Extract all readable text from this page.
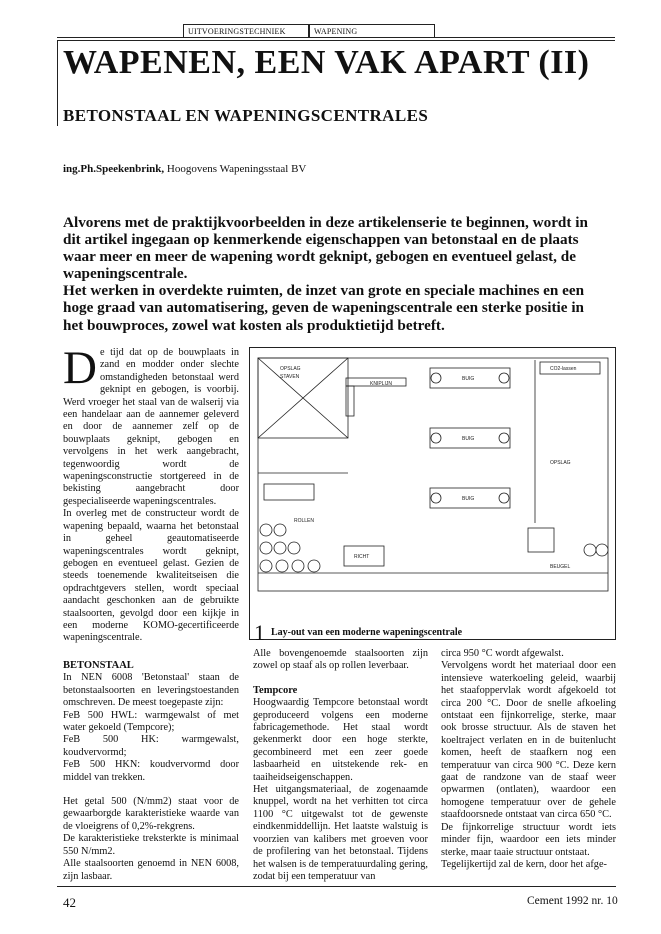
UITVOERINGSTECHNIEK	WAPENING
WAPENEN, EEN VAK APART (II)
BETONSTAAL EN WAPENINGSCENTRALES
ing.Ph.Speekenbrink, Hoogovens Wapeningsstaal BV

Alvorens met de praktijkvoorbeelden in deze artikelenserie te beginnen, wordt in dit artikel ingegaan op kenmerkende eigenschappen van betonstaal en de plaats waar meer en meer de wapening wordt geknipt, gebogen en eventueel gelast, de wapeningscentrale.

Het werken in overdekte ruimten, de inzet van grote en speciale machines en een hoge graad van automatisering, geven de wapeningscentrale een sterke positie in het bouwproces, zowel wat kosten als produktietijd betreft.

De tijd dat op de bouwplaats in zand en modder onder slechte omstandigheden betonstaal werd geknipt en gebogen, is voorbij. Werd vroeger het staal van de walserij via een handelaar aan de aannemer geleverd en door de aannemer zelf op de bouwplaats geknipt, gebogen en vervolgens in het werk aangebracht, tegenwoordig wordt de wapeningsconstructie stortgereed in de bekisting aangebracht door gespecialiseerde wapeningscentrales.
In overleg met de constructeur wordt de wapening bepaald, waarna het betonstaal in geheel geautomatiseerde wapeningscentrales wordt geknipt, gebogen en eventueel gelast. Gezien de steeds toenemende kwaliteitseisen die opdrachtgevers stellen, wordt speciaal aandacht geschonken aan de gebruikte staalsoorten, gevolgd door een kijkje in een moderne KOMO-gecertificeerde wapeningscentrale.
OPSLAG
STAVEN
KNIPLIJN
BUIG
BUIG
BUIG
CO2-lassen
OPSLAG
ROLLEN
RICHT
BEUGEL
1 Lay-out van een moderne wapeningscentrale
BETONSTAAL

In NEN 6008 'Betonstaal' staan de betonstaalsoorten en leveringstoestanden omschreven. De meest toegepaste zijn:

FeB 500 HWL: warmgewalst of met water gekoeld (Tempcore);

FeB 500 HK: warmgewalst, koudvervormd;

FeB 500 HKN: koudvervormd door middel van trekken.

Het getal 500 (N/mm2) staat voor de gewaarborgde karakteristieke waarde van de vloeigrens of 0,2%-rekgrens.

De karakteristieke treksterkte is minimaal 550 N/mm2.

Alle staalsoorten genoemd in NEN 6008, zijn lasbaar.

Alle bovengenoemde staalsoorten zijn zowel op staaf als op rollen leverbaar.

Tempcore

Hoogwaardig Tempcore betonstaal wordt geproduceerd volgens een moderne fabricagemethode. Het staal wordt gekenmerkt door een hoge sterkte, gecombineerd met een zeer goede lasbaarheid en uitstekende rek- en taaiheidseigenschappen.

Het uitgangsmateriaal, de zogenaamde knuppel, wordt na het verhitten tot circa 1100 °C uitgewalst tot de gewenste eindkenmiddellijn. Het laatste walstuig is voorzien van kalibers met groeven voor de profilering van het betonstaal. Tijdens het walsen is de temperatuurdaling gering, zodat bij een temperatuur van

circa 950 °C wordt afgewalst.

Vervolgens wordt het materiaal door een intensieve waterkoeling geleid, waarbij het staafoppervlak wordt afgekoeld tot circa 200 °C. Door de snelle afkoeling ontstaat een fijnkorrelige, sterke, maar ook brosse structuur. Als de staven het koeltraject verlaten en in de buitenlucht komen, heeft de staafkern nog een temperatuur van circa 900 °C. Deze kern gaat de randzone van de staaf weer opwarmen (ontlaten), waardoor een homogene temperatuur over de gehele staafdoorsnede ontstaat van circa 650 °C.

De fijnkorrelige structuur wordt iets minder fijn, waardoor een iets minder sterke, maar taaie structuur ontstaat.

Tegelijkertijd zal de kern, door het afge-

42	Cement 1992 nr. 10
